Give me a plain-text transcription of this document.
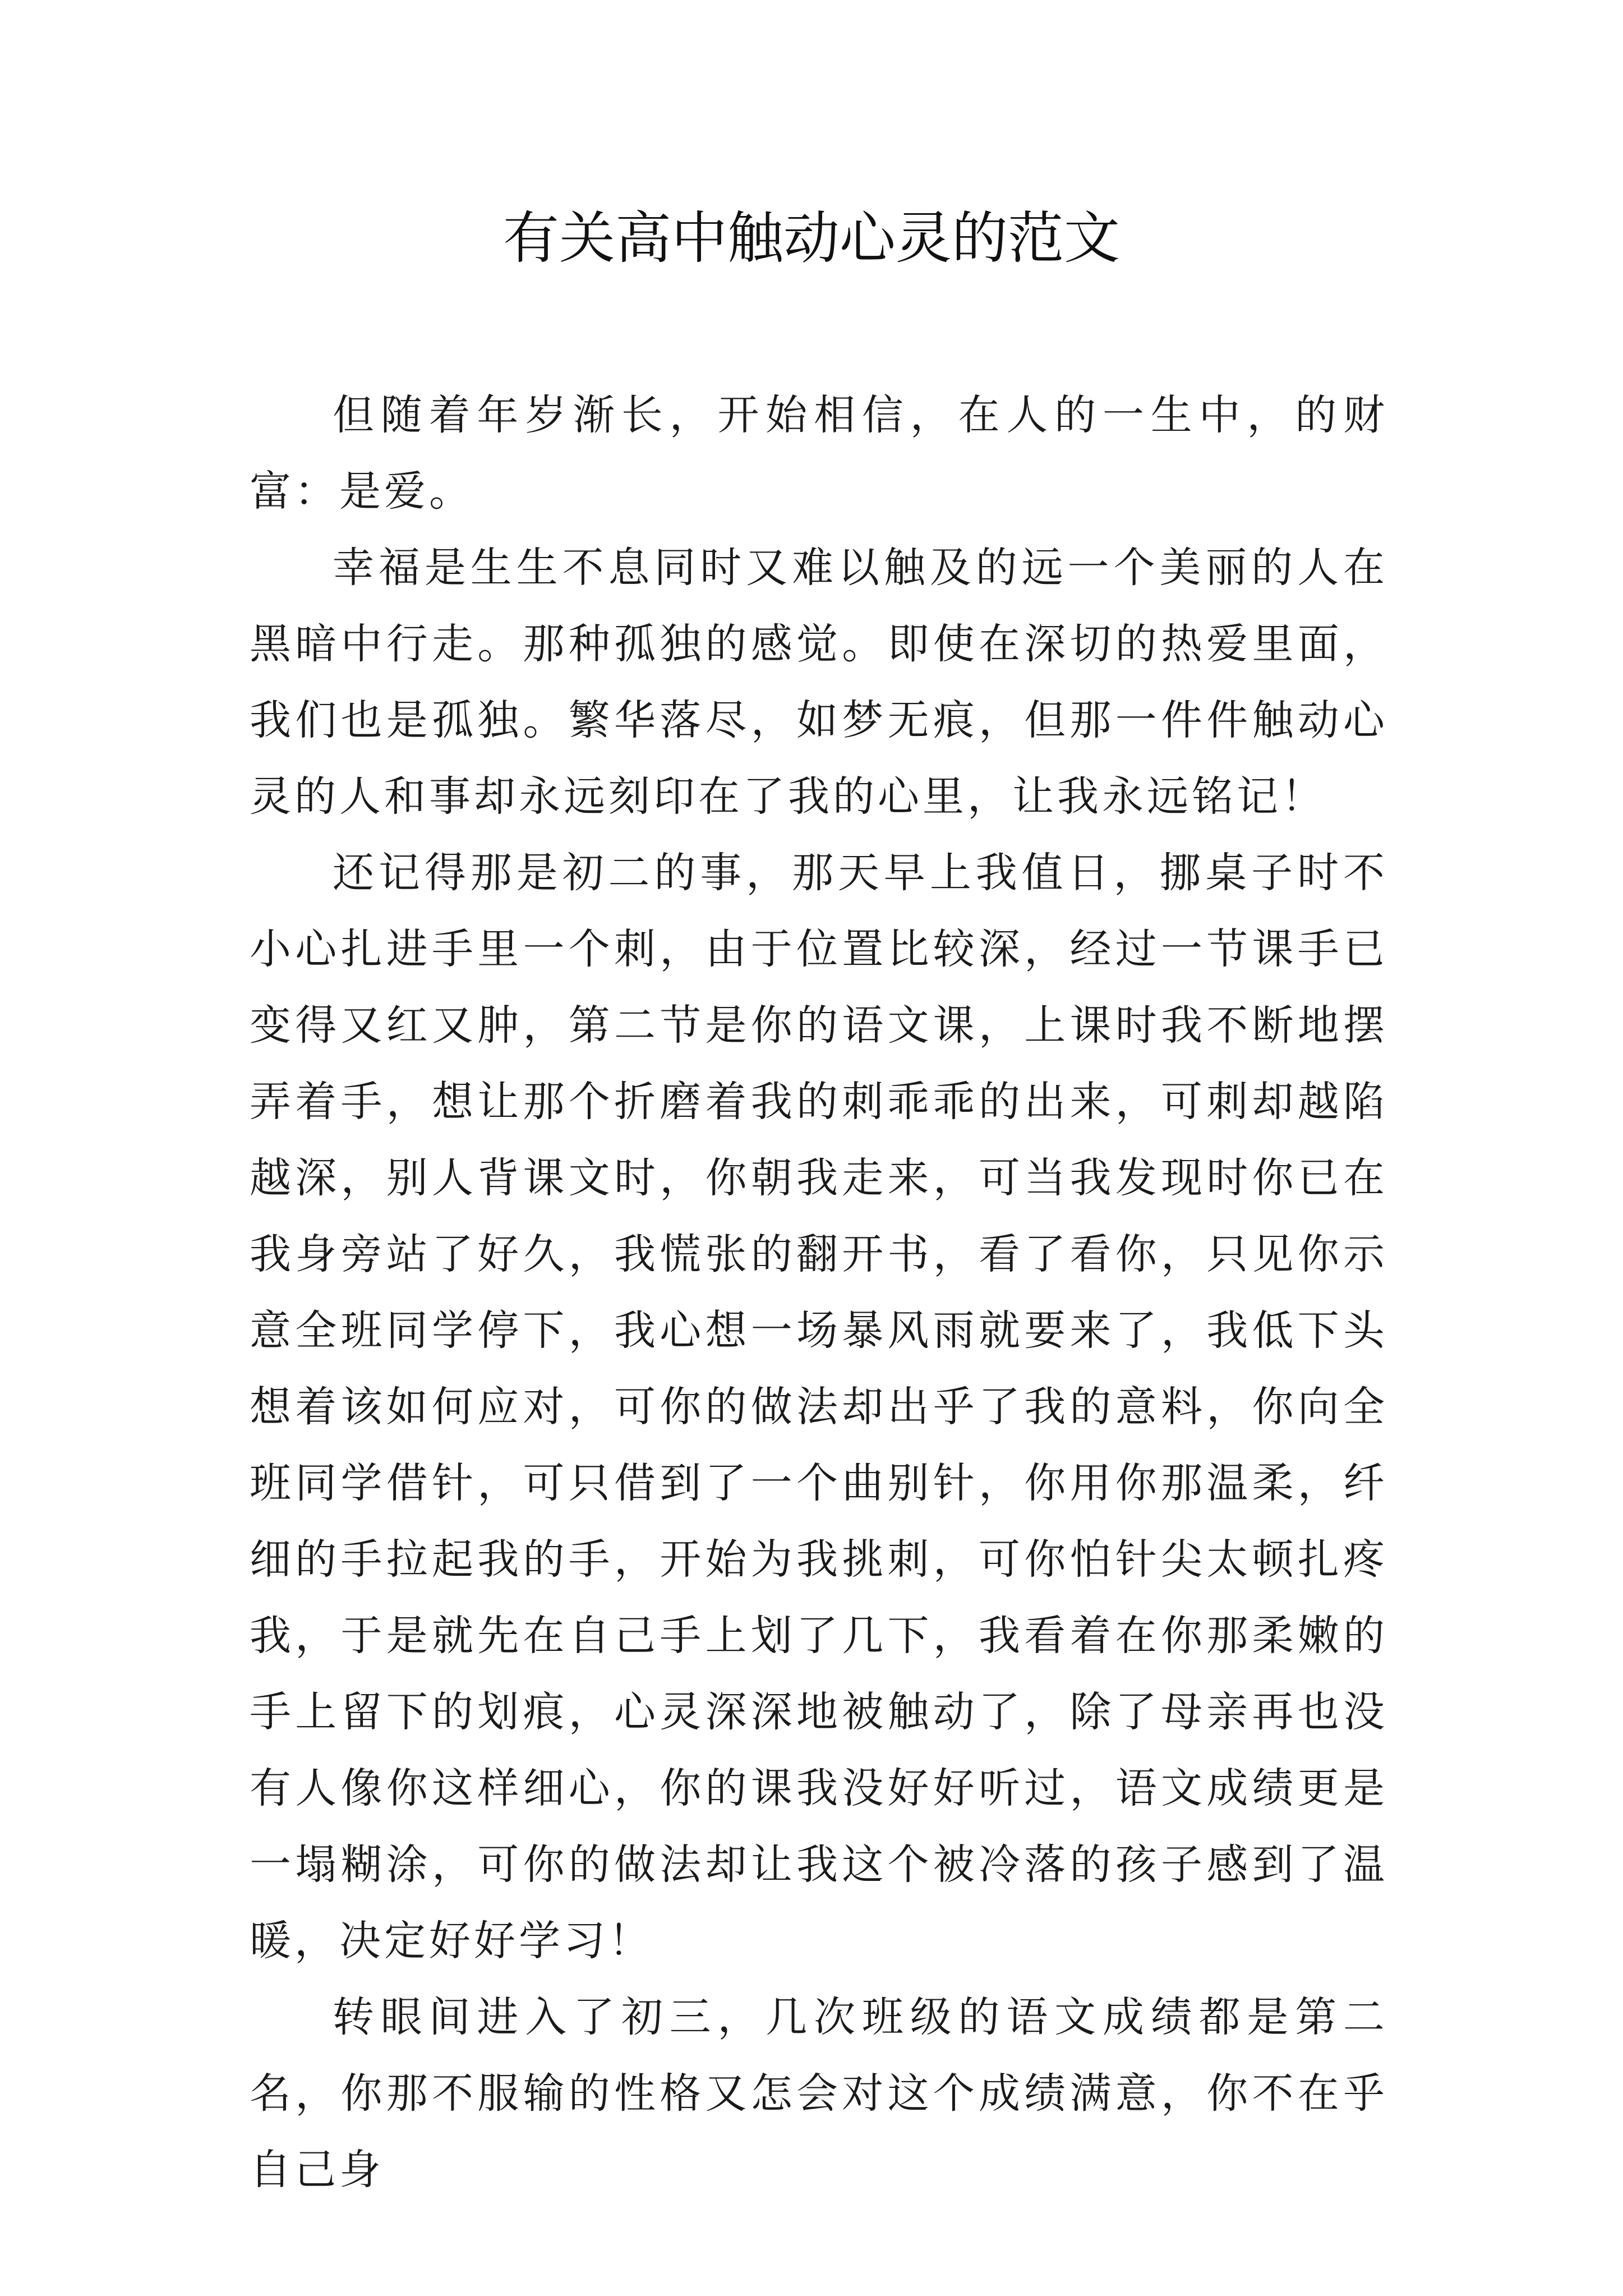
有关高中触动心灵的范文

但随着年岁渐长，开始相信，在人的一生中，的财富：是爱。

幸福是生生不息同时又难以触及的远一个美丽的人在黑暗中行走。那种孤独的感觉。即使在深切的热爱里面，我们也是孤独。繁华落尽，如梦无痕，但那一件件触动心灵的人和事却永远刻印在了我的心里，让我永远铭记！

还记得那是初二的事，那天早上我值日，挪桌子时不小心扎进手里一个刺，由于位置比较深，经过一节课手已变得又红又肿，第二节是你的语文课，上课时我不断地摆弄着手，想让那个折磨着我的刺乖乖的出来，可刺却越陷越深，别人背课文时，你朝我走来，可当我发现时你已在我身旁站了好久，我慌张的翻开书，看了看你，只见你示意全班同学停下，我心想一场暴风雨就要来了，我低下头想着该如何应对，可你的做法却出乎了我的意料，你向全班同学借针，可只借到了一个曲别针，你用你那温柔，纤细的手拉起我的手，开始为我挑刺，可你怕针尖太顿扎疼我，于是就先在自己手上划了几下，我看着在你那柔嫩的手上留下的划痕，心灵深深地被触动了，除了母亲再也没有人像你这样细心，你的课我没好好听过，语文成绩更是一塌糊涂，可你的做法却让我这个被冷落的孩子感到了温暖，决定好好学习！

转眼间进入了初三，几次班级的语文成绩都是第二名，你那不服输的性格又怎会对这个成绩满意，你不在乎自己身
